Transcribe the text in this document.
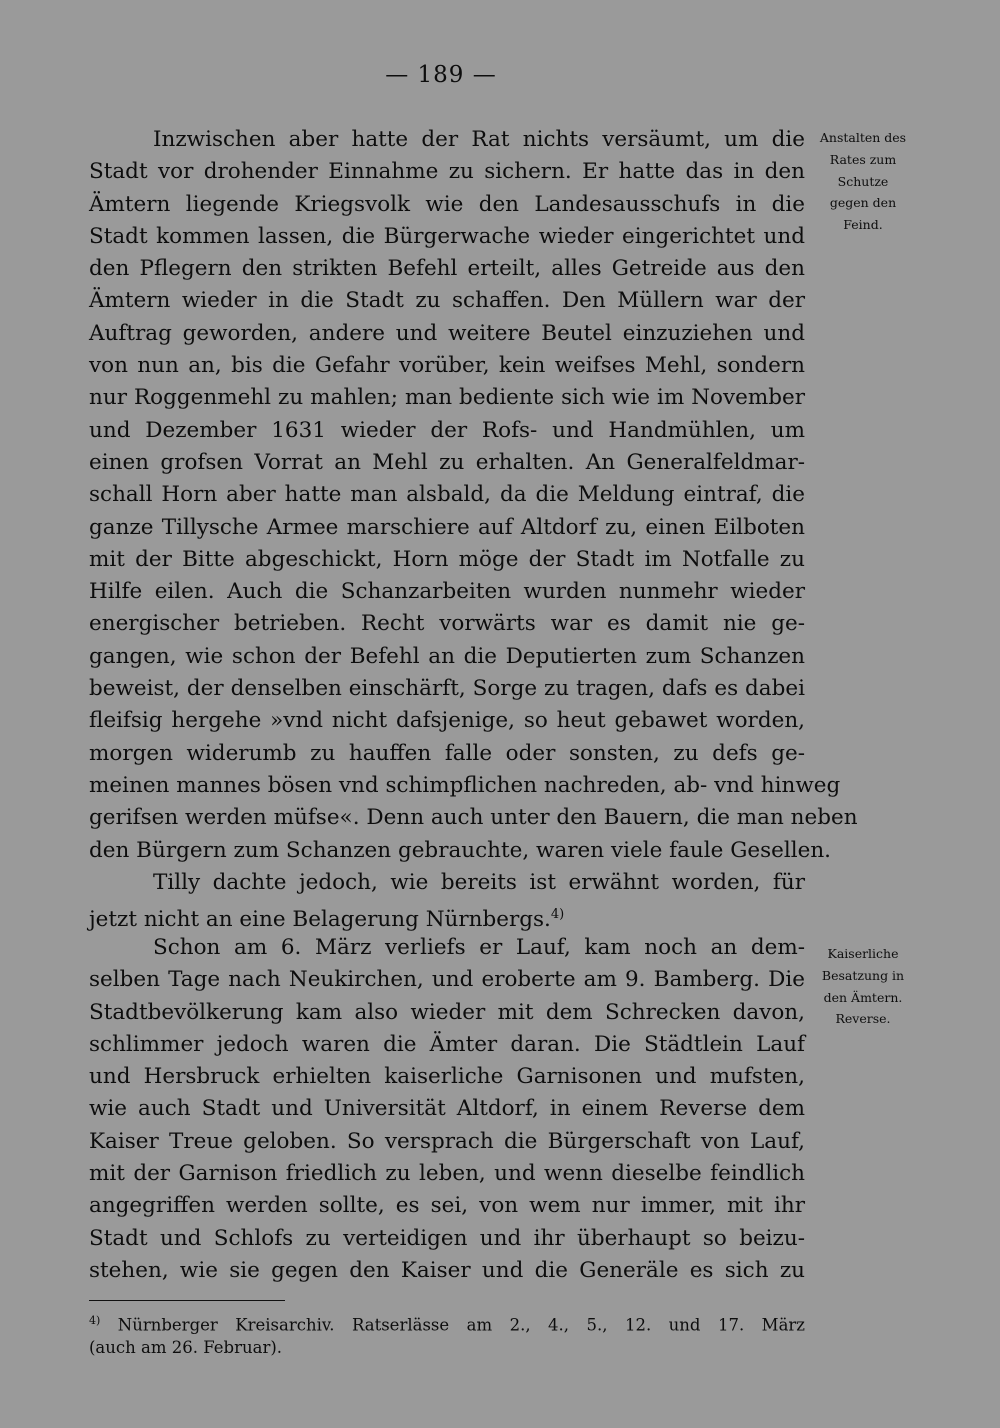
— 189 —
Inzwischen aber hatte der Rat nichts versäumt, um die
Stadt vor drohender Einnahme zu sichern. Er hatte das in den
Ämtern liegende Kriegsvolk wie den Landesausschufs in die
Stadt kommen lassen, die Bürgerwache wieder eingerichtet und
den Pflegern den strikten Befehl erteilt, alles Getreide aus den
Ämtern wieder in die Stadt zu schaffen. Den Müllern war der
Auftrag geworden, andere und weitere Beutel einzuziehen und
von nun an, bis die Gefahr vorüber, kein weifses Mehl, sondern
nur Roggenmehl zu mahlen; man bediente sich wie im November
und Dezember 1631 wieder der Rofs- und Handmühlen, um
einen grofsen Vorrat an Mehl zu erhalten. An Generalfeldmar-
schall Horn aber hatte man alsbald, da die Meldung eintraf, die
ganze Tillysche Armee marschiere auf Altdorf zu, einen Eilboten
mit der Bitte abgeschickt, Horn möge der Stadt im Notfalle zu
Hilfe eilen. Auch die Schanzarbeiten wurden nunmehr wieder
energischer betrieben. Recht vorwärts war es damit nie ge-
gangen, wie schon der Befehl an die Deputierten zum Schanzen
beweist, der denselben einschärft, Sorge zu tragen, dafs es dabei
fleifsig hergehe »vnd nicht dafsjenige, so heut gebawet worden,
morgen widerumb zu hauffen falle oder sonsten, zu defs ge-
meinen mannes bösen vnd schimpflichen nachreden, ab- vnd hinweg
gerifsen werden müfse«. Denn auch unter den Bauern, die man neben
den Bürgern zum Schanzen gebrauchte, waren viele faule Gesellen.
Tilly dachte jedoch, wie bereits ist erwähnt worden, für
jetzt nicht an eine Belagerung Nürnbergs.$^{4)}$
Schon am 6. März verliefs er Lauf, kam noch an dem-
selben Tage nach Neukirchen, und eroberte am 9. Bamberg. Die
Stadtbevölkerung kam also wieder mit dem Schrecken davon,
schlimmer jedoch waren die Ämter daran. Die Städtlein Lauf
und Hersbruck erhielten kaiserliche Garnisonen und mufsten,
wie auch Stadt und Universität Altdorf, in einem Reverse dem
Kaiser Treue geloben. So versprach die Bürgerschaft von Lauf,
mit der Garnison friedlich zu leben, und wenn dieselbe feindlich
angegriffen werden sollte, es sei, von wem nur immer, mit ihr
Stadt und Schlofs zu verteidigen und ihr überhaupt so beizu-
stehen, wie sie gegen den Kaiser und die Generäle es sich zu
Anstalten des
Rates zum
Schutze
gegen den
Feind.
Kaiserliche
Besatzung in
den Ämtern.
Reverse.
$^{4)}$ Nürnberger Kreisarchiv. Ratserlässe am 2., 4., 5., 12. und 17. März
(auch am 26. Februar).
